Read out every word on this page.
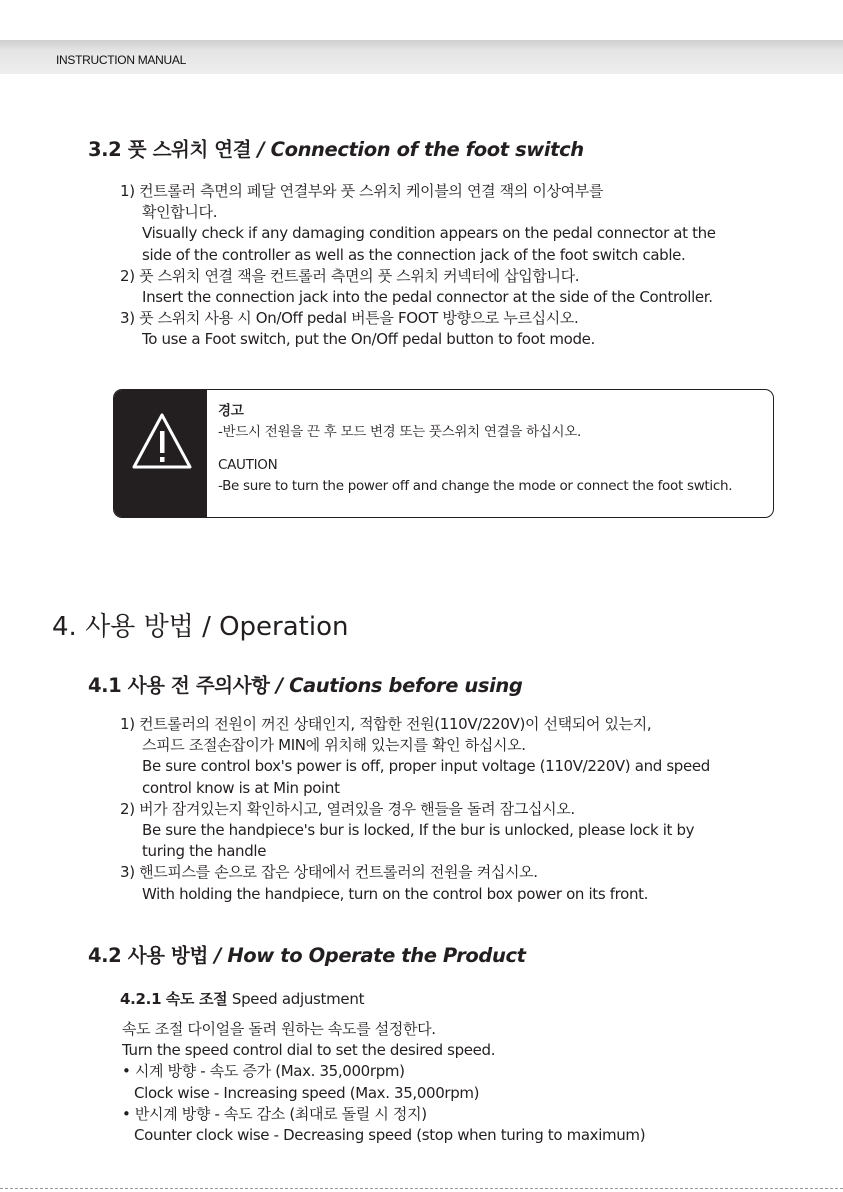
INSTRUCTION MANUAL
3.2 풋 스위치 연결 / Connection of the foot switch
1) 컨트롤러 측면의 페달 연결부와 풋 스위치 케이블의 연결 잭의 이상여부를
확인합니다.
Visually check if any damaging condition appears on the pedal connector at the
side of the controller as well as the connection jack of the foot switch cable.
2) 풋 스위치 연결 잭을 컨트롤러 측면의 풋 스위치 커넥터에 삽입합니다.
Insert the connection jack into the pedal connector at the side of the Controller.
3) 풋 스위치 사용 시 On/Off pedal 버튼을 FOOT 방향으로 누르십시오.
To use a Foot switch, put the On/Off pedal button to foot mode.
경고
-반드시 전원을 끈 후 모드 변경 또는 풋스위치 연결을 하십시오.
CAUTION
-Be sure to turn the power off and change the mode or connect the foot swtich.
4. 사용 방법 / Operation
4.1 사용 전 주의사항 / Cautions before using
1) 컨트롤러의 전원이 꺼진 상태인지, 적합한 전원(110V/220V)이 선택되어 있는지,
스피드 조절손잡이가 MIN에 위치해 있는지를 확인 하십시오.
Be sure control box's power is off, proper input voltage (110V/220V) and speed
control know is at Min point
2) 버가 잠겨있는지 확인하시고, 열려있을 경우 핸들을 돌려 잠그십시오.
Be sure the handpiece's bur is locked, If the bur is unlocked, please lock it by
turing the handle
3) 핸드피스를 손으로 잡은 상태에서 컨트롤러의 전원을 켜십시오.
With holding the handpiece, turn on the control box power on its front.
4.2 사용 방법 / How to Operate the Product
4.2.1 속도 조절 Speed adjustment
속도 조절 다이얼을 돌려 원하는 속도를 설정한다.
Turn the speed control dial to set the desired speed.
• 시계 방향 - 속도 증가 (Max. 35,000rpm)
Clock wise - Increasing speed (Max. 35,000rpm)
• 반시계 방향 - 속도 감소 (최대로 돌릴 시 정지)
Counter clock wise - Decreasing speed (stop when turing to maximum)
